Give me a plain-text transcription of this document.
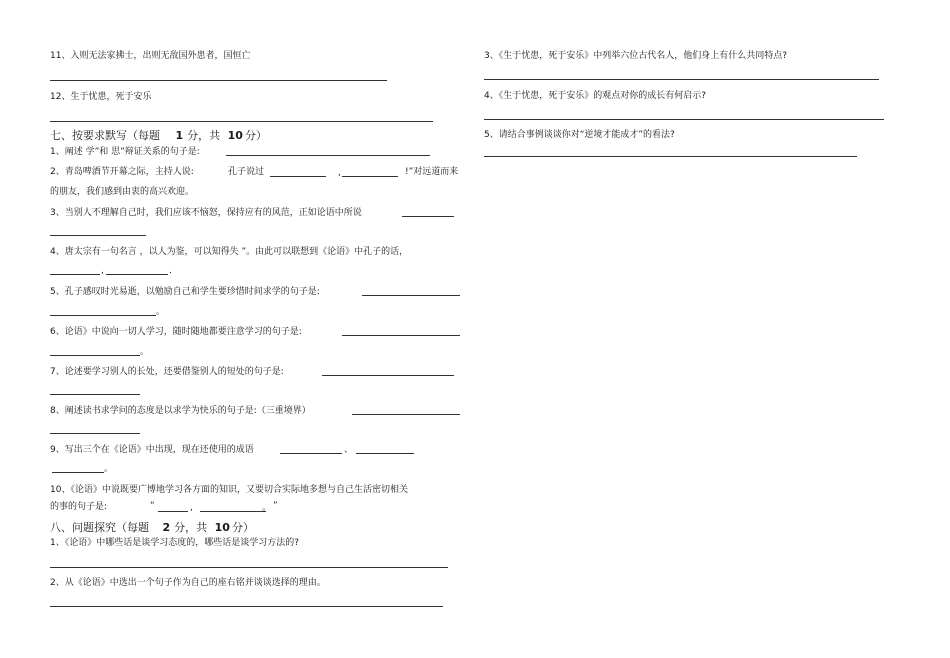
11、入则无法家拂士，出则无敌国外患者，国恒亡
12、生于忧患，死于安乐
七、按要求默写（每题 1 分，共 10 分）
1、阐述 学”和 思”辩证关系的句子是:
2、青岛啤酒节开幕之际，主持人说:	孔子说过	,	!”对远道而来
的朋友，我们感到由衷的高兴欢迎。
3、当别人不理解自己时，我们应该不恼怒，保持应有的风范，正如论语中所说
4、唐太宗有一句名言 ，以人为鉴，可以知得失 ”。由此可以联想到《论语》中孔子的话，
,	.
5、孔子感叹时光易逝，以勉励自己和学生要珍惜时间求学的句子是:
。
6、论语》中说向一切人学习，随时随地都要注意学习的句子是:
。
7、论述要学习别人的长处，还要借鉴别人的短处的句子是:
8、阐述读书求学问的态度是以求学为快乐的句子是:（三重境界）
9、写出三个在《论语》中出现，现在还使用的成语	、
。
10、《论语》中说既要广博地学习各方面的知识，又要切合实际地多想与自己生活密切相关
的事的句子是:	“	,	。 ”
八、问题探究（每题 2 分，共 10 分）
1、《论语》中哪些话是谈学习态度的，哪些话是谈学习方法的?
2、从《论语》中选出一个句子作为自己的座右铭并谈谈选择的理由。
3、《生于忧患，死于安乐》中列举六位古代名人，他们身上有什么共同特点?
4、《生于忧患，死于安乐》的观点对你的成长有何启示?
5、请结合事例谈谈你对“逆境才能成才”的看法?
